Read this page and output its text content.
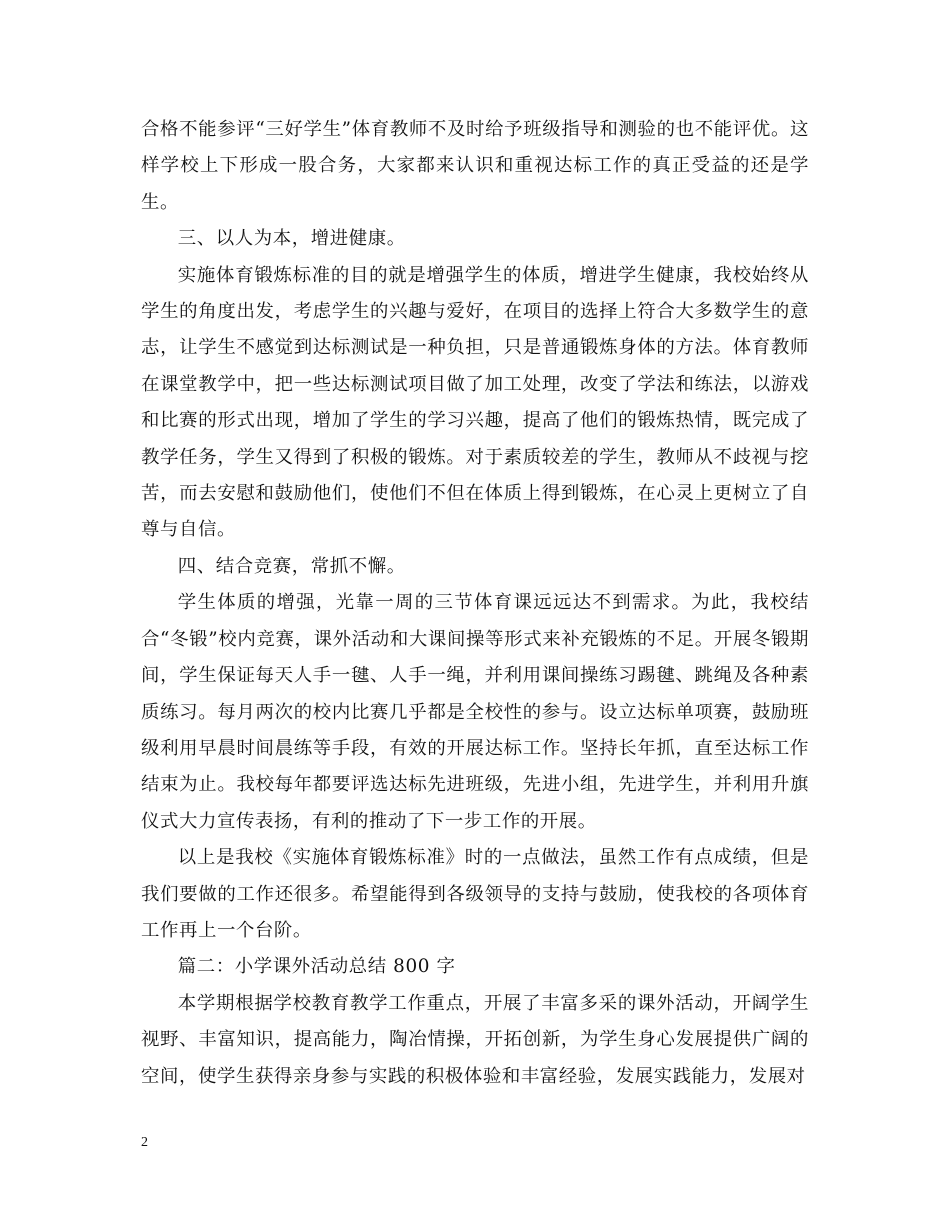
合格不能参评“三好学生”体育教师不及时给予班级指导和测验的也不能评优。这样学校上下形成一股合务，大家都来认识和重视达标工作的真正受益的还是学生。

三、以人为本，增进健康。

实施体育锻炼标准的目的就是增强学生的体质，增进学生健康，我校始终从学生的角度出发，考虑学生的兴趣与爱好，在项目的选择上符合大多数学生的意志，让学生不感觉到达标测试是一种负担，只是普通锻炼身体的方法。体育教师在课堂教学中，把一些达标测试项目做了加工处理，改变了学法和练法，以游戏和比赛的形式出现，增加了学生的学习兴趣，提高了他们的锻炼热情，既完成了教学任务，学生又得到了积极的锻炼。对于素质较差的学生，教师从不歧视与挖苦，而去安慰和鼓励他们，使他们不但在体质上得到锻炼，在心灵上更树立了自尊与自信。

四、结合竞赛，常抓不懈。

学生体质的增强，光靠一周的三节体育课远远达不到需求。为此，我校结合“冬锻”校内竞赛，课外活动和大课间操等形式来补充锻炼的不足。开展冬锻期间，学生保证每天人手一毽、人手一绳，并利用课间操练习踢毽、跳绳及各种素质练习。每月两次的校内比赛几乎都是全校性的参与。设立达标单项赛，鼓励班级利用早晨时间晨练等手段，有效的开展达标工作。坚持长年抓，直至达标工作结束为止。我校每年都要评选达标先进班级，先进小组，先进学生，并利用升旗仪式大力宣传表扬，有利的推动了下一步工作的开展。

以上是我校《实施体育锻炼标准》时的一点做法，虽然工作有点成绩，但是我们要做的工作还很多。希望能得到各级领导的支持与鼓励，使我校的各项体育工作再上一个台阶。

篇二：小学课外活动总结 800 字

本学期根据学校教育教学工作重点，开展了丰富多采的课外活动，开阔学生视野、丰富知识，提高能力，陶冶情操，开拓创新，为学生身心发展提供广阔的空间，使学生获得亲身参与实践的积极体验和丰富经验，发展实践能力，发展对

2
